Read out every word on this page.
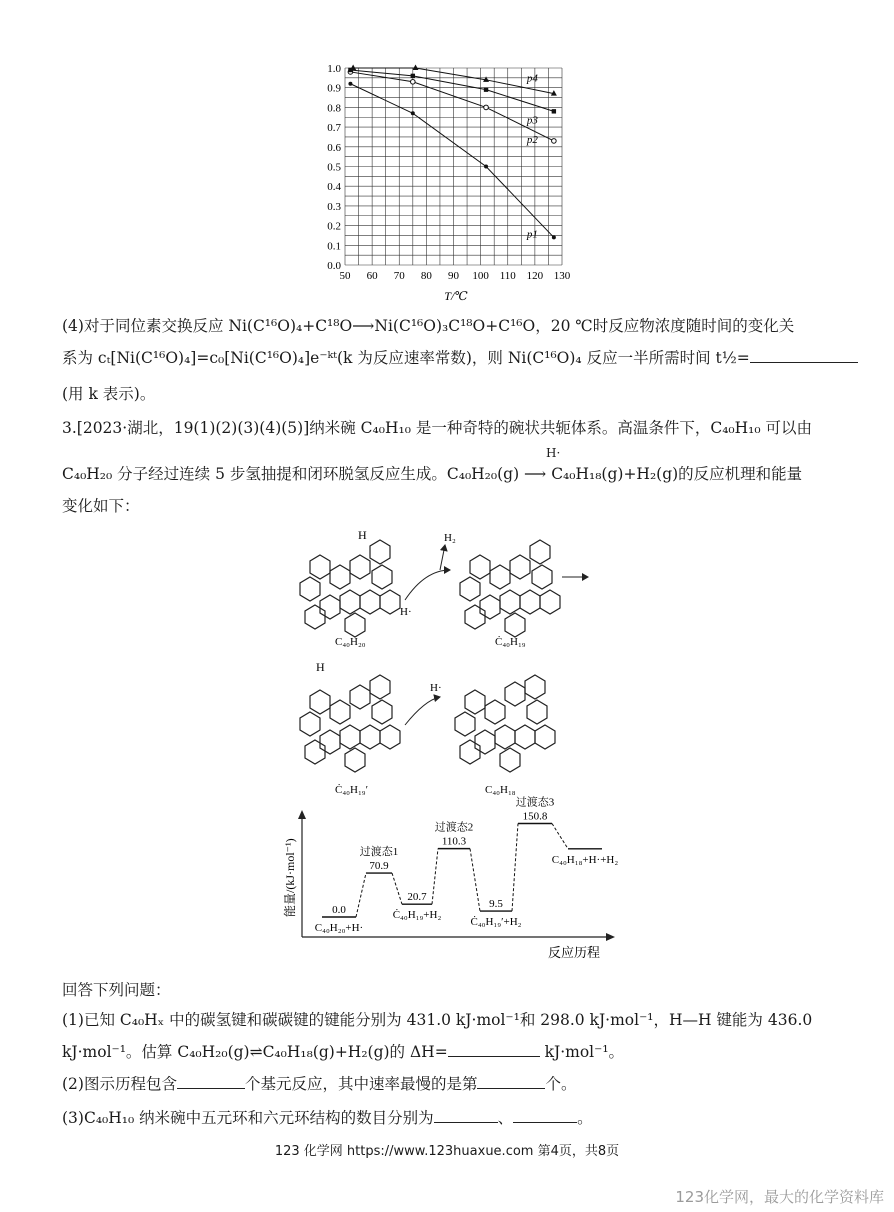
50 60 70 80 90 100 110 120 130
0.0
0.1
0.2
0.3
0.4
0.5
0.6
0.7
0.8
0.9
1.0
p1
p2
p3
p4
T/℃
(4)对于同位素交换反应 Ni(C¹⁶O)₄+C¹⁸O⟶Ni(C¹⁶O)₃C¹⁸O+C¹⁶O，20 ℃时反应物浓度随时间的变化关
系为 cₜ[Ni(C¹⁶O)₄]=c₀[Ni(C¹⁶O)₄]e⁻ᵏᵗ(k 为反应速率常数)，则 Ni(C¹⁶O)₄ 反应一半所需时间 t½=
(用 k 表示)。
3.[2023·湖北，19(1)(2)(3)(4)(5)]纳米碗 C₄₀H₁₀ 是一种奇特的碗状共轭体系。高温条件下，C₄₀H₁₀ 可以由
C₄₀H₂₀ 分子经过连续 5 步氢抽提和闭环脱氢反应生成。C₄₀H₂₀(g) ⟶ C₄₀H₁₈(g)+H₂(g)的反应机理和能量
H·
变化如下：
H	H₂
H·
C₄₀H₂₀	Ċ₄₀H₁₉
H
H·
Ċ₄₀H₁₉′	C₄₀H₁₈
能量/(kJ·mol⁻¹)
反应历程
0.0
C₄₀H₂₀+H·
70.9
过渡态1
20.7
Ċ₄₀H₁₉+H₂
110.3
过渡态2
9.5
Ċ₄₀H₁₉′+H₂
150.8
过渡态3
C₄₀H₁₈+H·+H₂
回答下列问题：
(1)已知 C₄₀Hₓ 中的碳氢键和碳碳键的键能分别为 431.0 kJ·mol⁻¹和 298.0 kJ·mol⁻¹，H—H 键能为 436.0
kJ·mol⁻¹。估算 C₄₀H₂₀(g)⇌C₄₀H₁₈(g)+H₂(g)的 ΔH=	kJ·mol⁻¹。
(2)图示历程包含	个基元反应，其中速率最慢的是第	个。
(3)C₄₀H₁₀ 纳米碗中五元环和六元环结构的数目分别为	、	。
123 化学网 https://www.123huaxue.com 第4页，共8页
123化学网，最大的化学资料库
